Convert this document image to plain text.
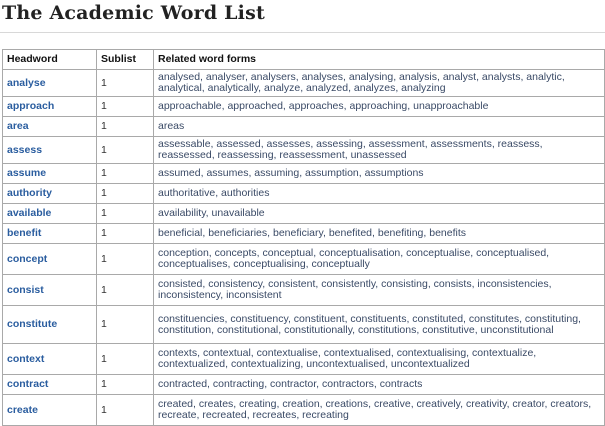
The Academic Word List
Headword	Sublist	Related word forms
analyse	1	analysed, analyser, analysers, analyses, analysing, analysis, analyst, analysts, analytic, analytical, analytically, analyze, analyzed, analyzes, analyzing
approach	1	approachable, approached, approaches, approaching, unapproachable
area	1	areas
assess	1	assessable, assessed, assesses, assessing, assessment, assessments, reassess, reassessed, reassessing, reassessment, unassessed
assume	1	assumed, assumes, assuming, assumption, assumptions
authority	1	authoritative, authorities
available	1	availability, unavailable
benefit	1	beneficial, beneficiaries, beneficiary, benefited, benefiting, benefits
concept	1	conception, concepts, conceptual, conceptualisation, conceptualise, conceptualised, conceptualises, conceptualising, conceptually
consist	1	consisted, consistency, consistent, consistently, consisting, consists, inconsistencies, inconsistency, inconsistent
constitute	1	constituencies, constituency, constituent, constituents, constituted, constitutes, constituting, constitution, constitutional, constitutionally, constitutions, constitutive, unconstitutional
context	1	contexts, contextual, contextualise, contextualised, contextualising, contextualize, contextualized, contextualizing, uncontextualised, uncontextualized
contract	1	contracted, contracting, contractor, contractors, contracts
create	1	created, creates, creating, creation, creations, creative, creatively, creativity, creator, creators, recreate, recreated, recreates, recreating
